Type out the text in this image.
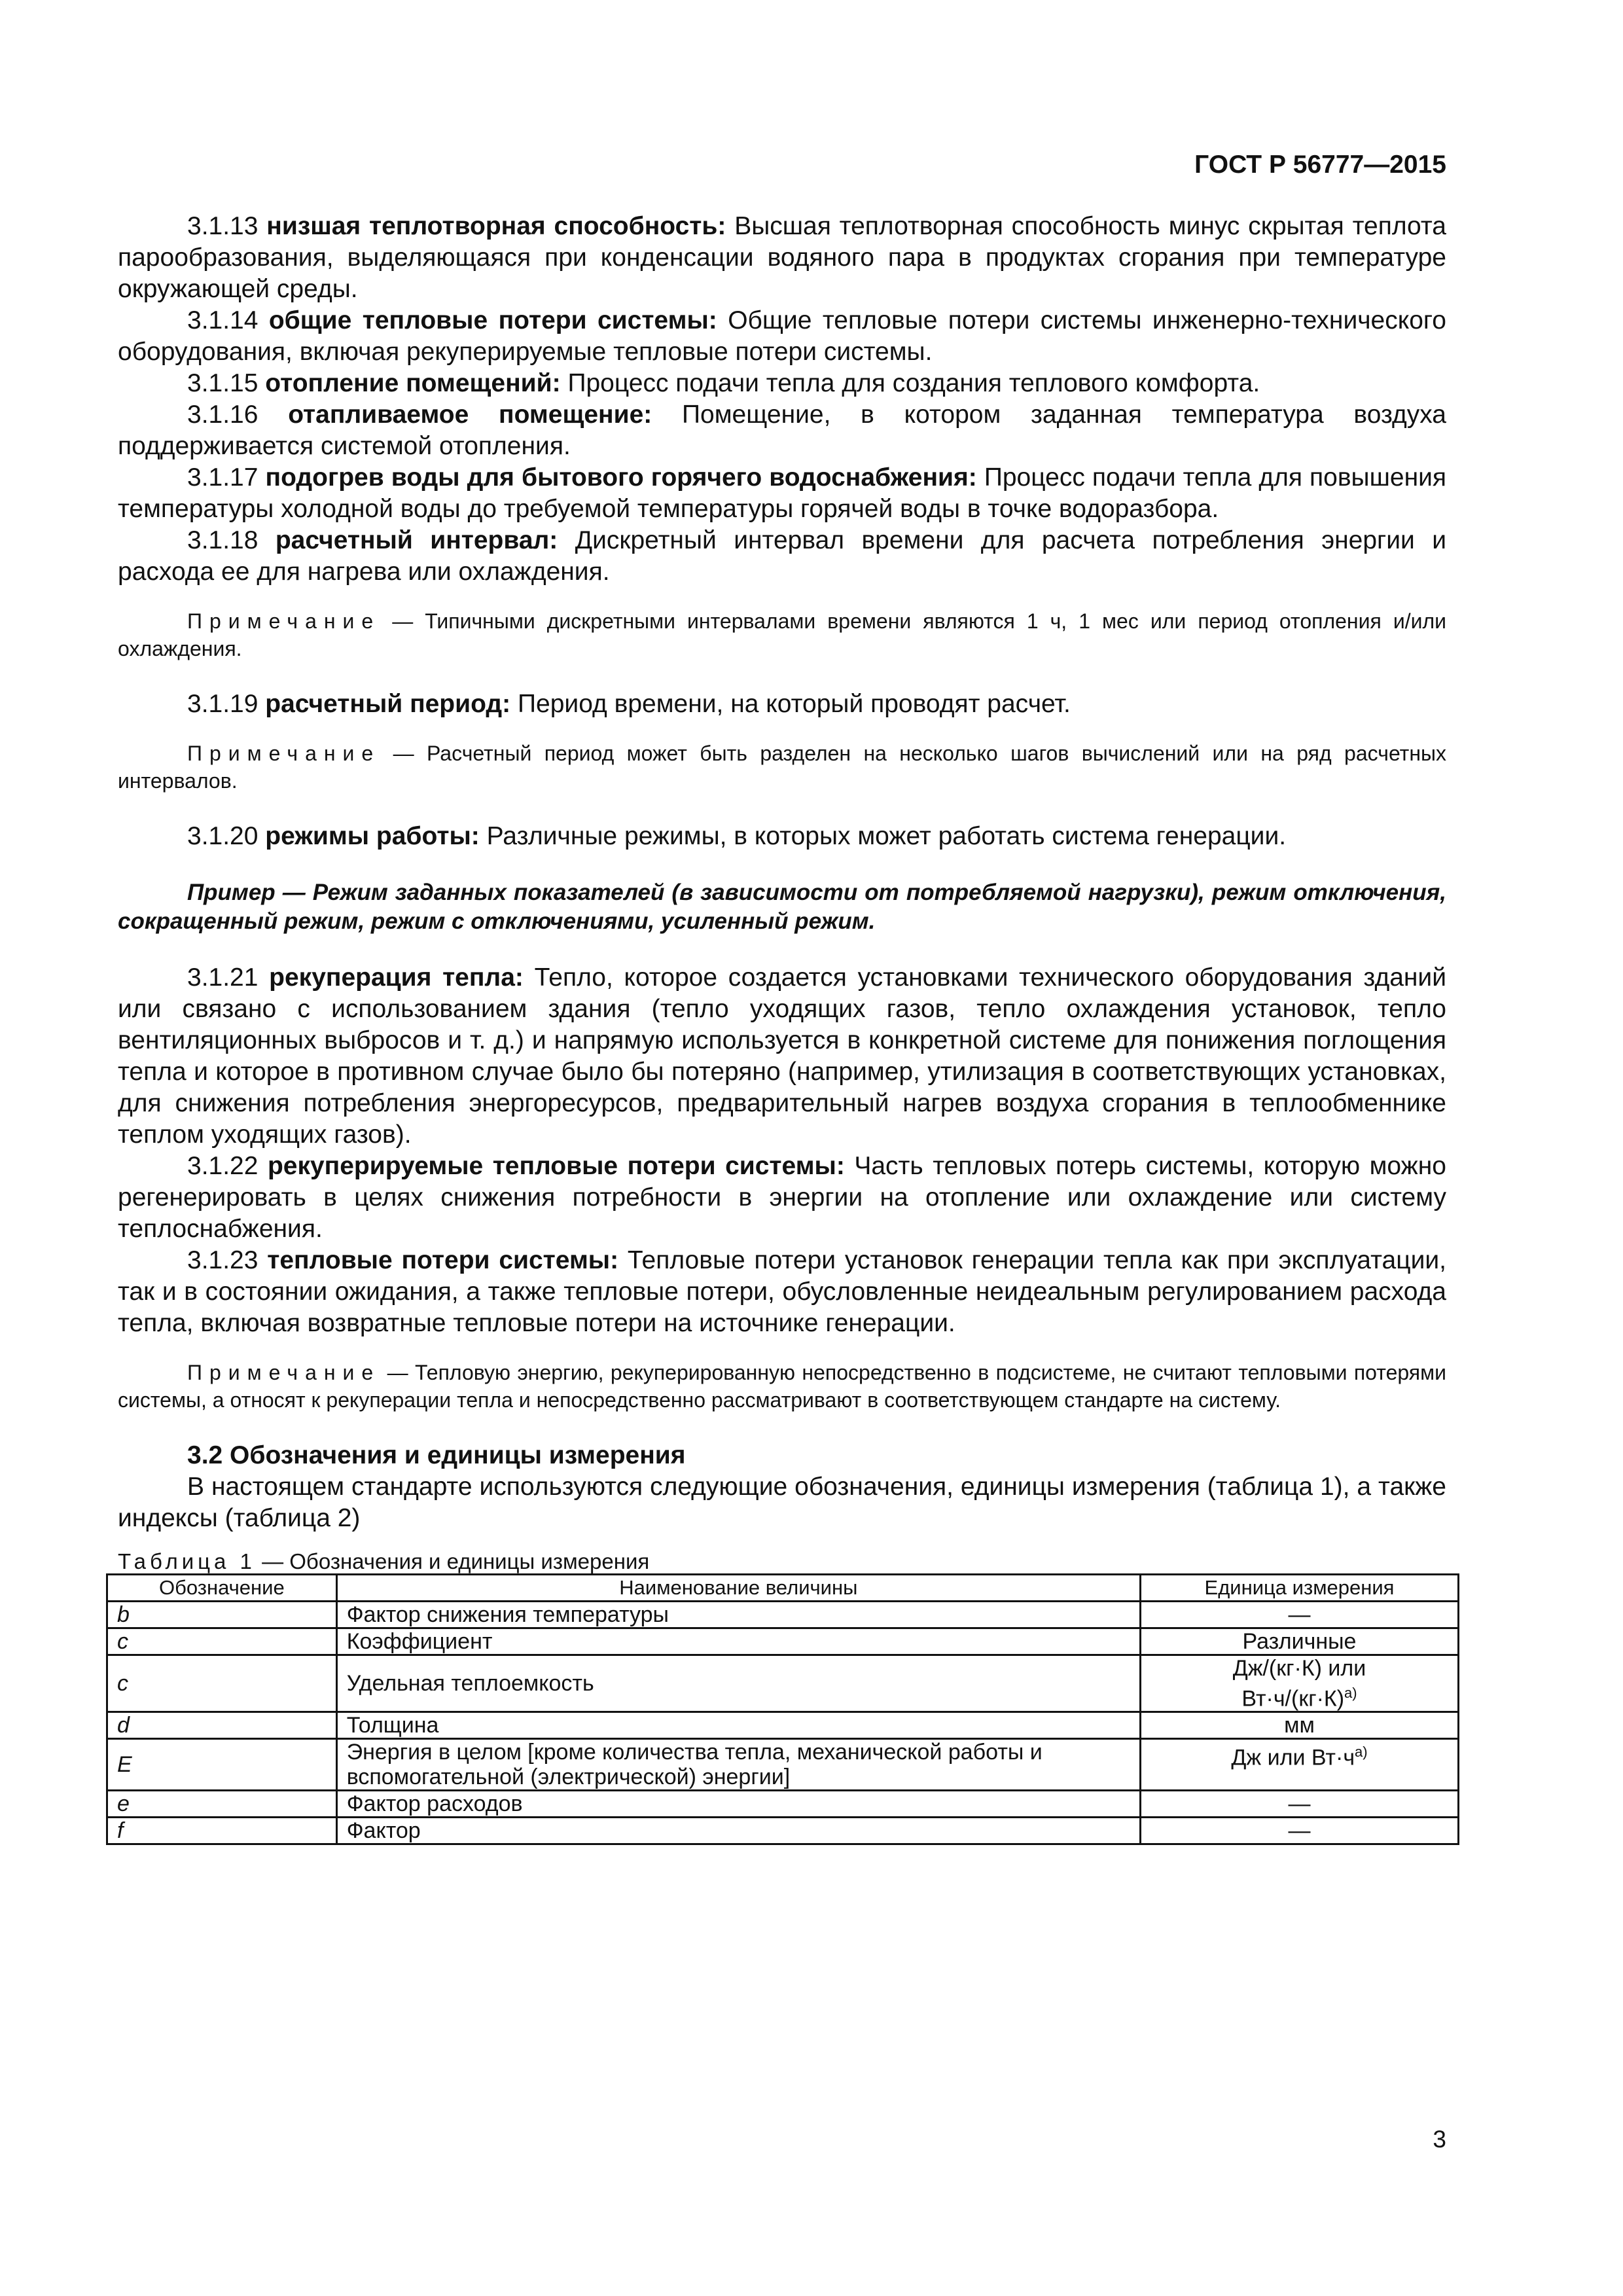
ГОСТ Р 56777—2015

3.1.13 низшая теплотворная способность: Высшая теплотворная способность минус скрытая теплота парообразования, выделяющаяся при конденсации водяного пара в продуктах сгорания при температуре окружающей среды.

3.1.14 общие тепловые потери системы: Общие тепловые потери системы инженерно-технического оборудования, включая рекуперируемые тепловые потери системы.

3.1.15 отопление помещений: Процесс подачи тепла для создания теплового комфорта.

3.1.16 отапливаемое помещение: Помещение, в котором заданная температура воздуха поддерживается системой отопления.

3.1.17 подогрев воды для бытового горячего водоснабжения: Процесс подачи тепла для повышения температуры холодной воды до требуемой температуры горячей воды в точке водоразбора.

3.1.18 расчетный интервал: Дискретный интервал времени для расчета потребления энергии и расхода ее для нагрева или охлаждения.

Примечание — Типичными дискретными интервалами времени являются 1 ч, 1 мес или период отопления и/или охлаждения.

3.1.19 расчетный период: Период времени, на который проводят расчет.

Примечание — Расчетный период может быть разделен на несколько шагов вычислений или на ряд расчетных интервалов.

3.1.20 режимы работы: Различные режимы, в которых может работать система генерации.

Пример — Режим заданных показателей (в зависимости от потребляемой нагрузки), режим отключения, сокращенный режим, режим с отключениями, усиленный режим.

3.1.21 рекуперация тепла: Тепло, которое создается установками технического оборудования зданий или связано с использованием здания (тепло уходящих газов, тепло охлаждения установок, тепло вентиляционных выбросов и т. д.) и напрямую используется в конкретной системе для понижения поглощения тепла и которое в противном случае было бы потеряно (например, утилизация в соответствующих установках, для снижения потребления энергоресурсов, предварительный нагрев воздуха сгорания в теплообменнике теплом уходящих газов).

3.1.22 рекуперируемые тепловые потери системы: Часть тепловых потерь системы, которую можно регенерировать в целях снижения потребности в энергии на отопление или охлаждение или систему теплоснабжения.

3.1.23 тепловые потери системы: Тепловые потери установок генерации тепла как при эксплуатации, так и в состоянии ожидания, а также тепловые потери, обусловленные неидеальным регулированием расхода тепла, включая возвратные тепловые потери на источнике генерации.

Примечание — Тепловую энергию, рекуперированную непосредственно в подсистеме, не считают тепловыми потерями системы, а относят к рекуперации тепла и непосредственно рассматривают в соответствующем стандарте на систему.

3.2 Обозначения и единицы измерения

В настоящем стандарте используются следующие обозначения, единицы измерения (таблица 1), а также индексы (таблица 2)

Таблица 1 — Обозначения и единицы измерения
Обозначение	Наименование величины	Единица измерения
b	Фактор снижения температуры	—
c	Коэффициент	Различные
c	Удельная теплоемкость	Дж/(кг·К) или
$Вт\cdot ч/(кг\cdot К)^{а)}$
d	Толщина	мм
E	Энергия в целом [кроме количества тепла, механической работы и
вспомогательной (электрической) энергии]	Дж или $Вт\cdot ч^{а)}$
e	Фактор расходов	—
f	Фактор	—
3
